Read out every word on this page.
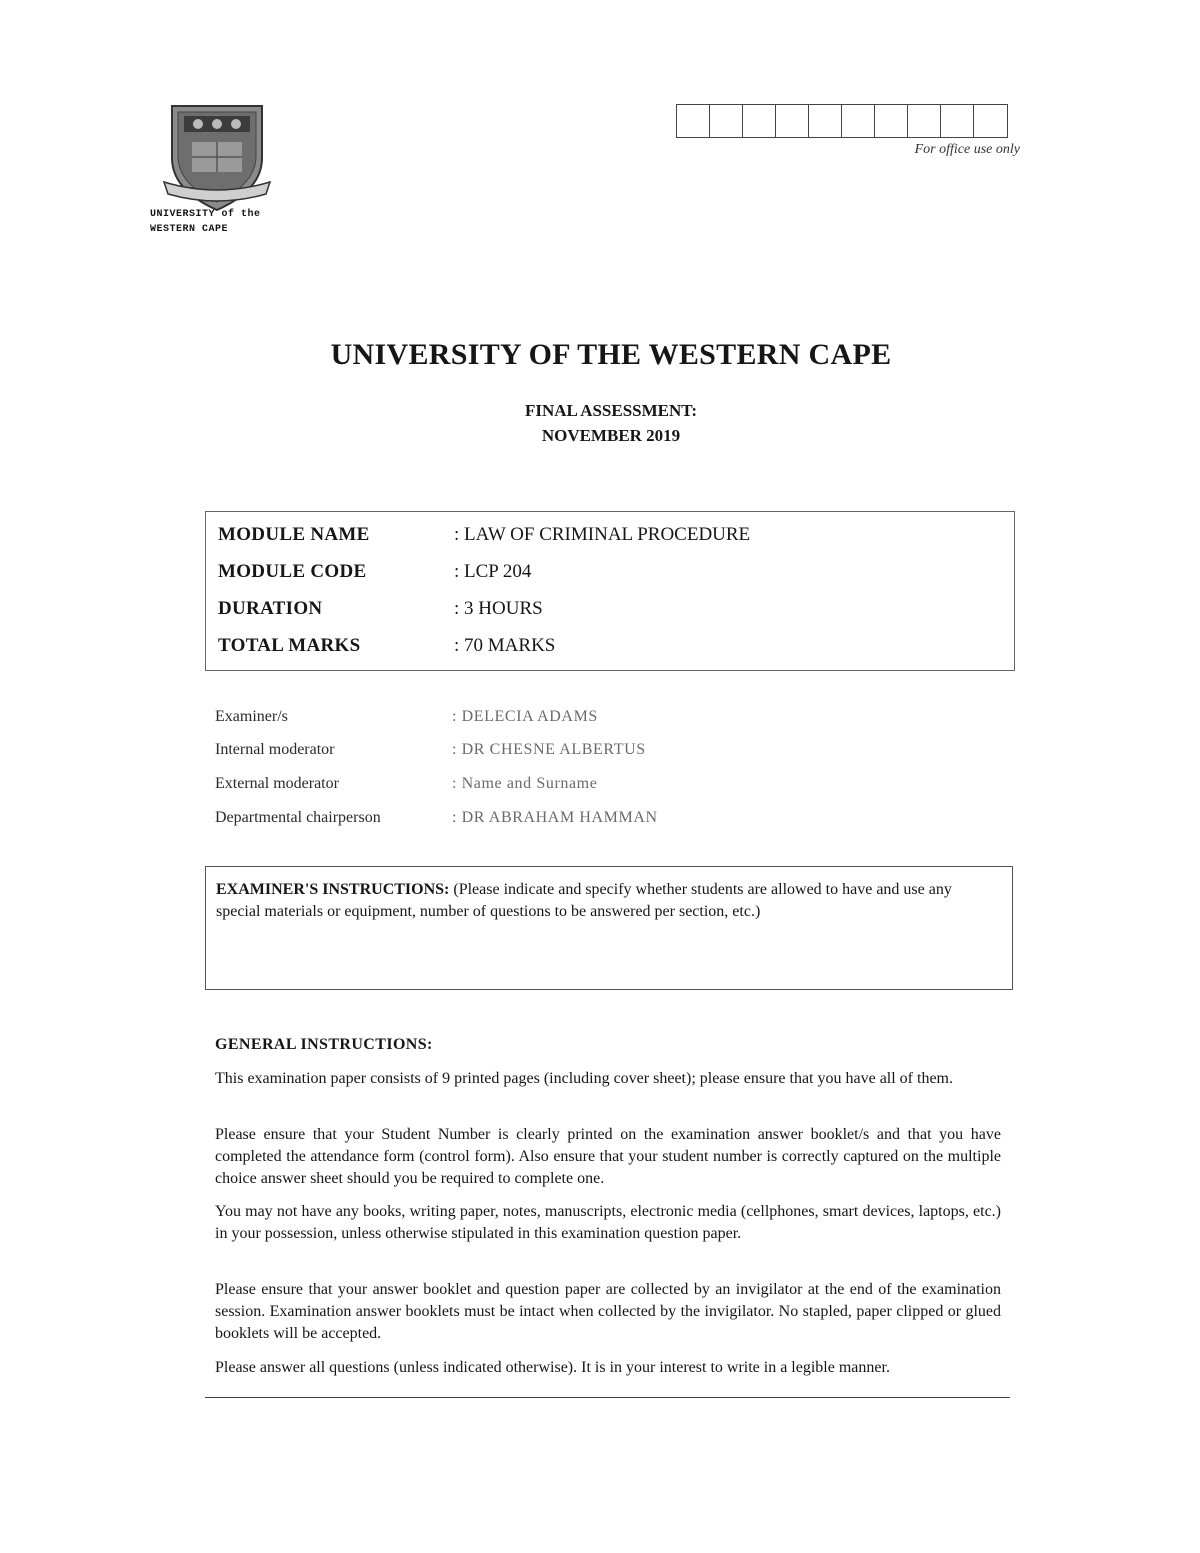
UNIVERSITY of the
WESTERN CAPE
For office use only
UNIVERSITY OF THE WESTERN CAPE
FINAL ASSESSMENT:
NOVEMBER 2019
MODULE NAME	: LAW OF CRIMINAL PROCEDURE
MODULE CODE	: LCP 204
DURATION	: 3 HOURS
TOTAL MARKS	: 70 MARKS
Examiner/s	: DELECIA ADAMS
Internal moderator	: DR CHESNE ALBERTUS
External moderator	: Name and Surname
Departmental chairperson	: DR ABRAHAM HAMMAN
EXAMINER'S INSTRUCTIONS: (Please indicate and specify whether students are allowed to have and use any special materials or equipment, number of questions to be answered per section, etc.)
GENERAL INSTRUCTIONS:
This examination paper consists of 9 printed pages (including cover sheet); please ensure that you have all of them.
Please ensure that your Student Number is clearly printed on the examination answer booklet/s and that you have completed the attendance form (control form). Also ensure that your student number is correctly captured on the multiple choice answer sheet should you be required to complete one.
You may not have any books, writing paper, notes, manuscripts, electronic media (cellphones, smart devices, laptops, etc.) in your possession, unless otherwise stipulated in this examination question paper.
Please ensure that your answer booklet and question paper are collected by an invigilator at the end of the examination session. Examination answer booklets must be intact when collected by the invigilator. No stapled, paper clipped or glued booklets will be accepted.
Please answer all questions (unless indicated otherwise). It is in your interest to write in a legible manner.
